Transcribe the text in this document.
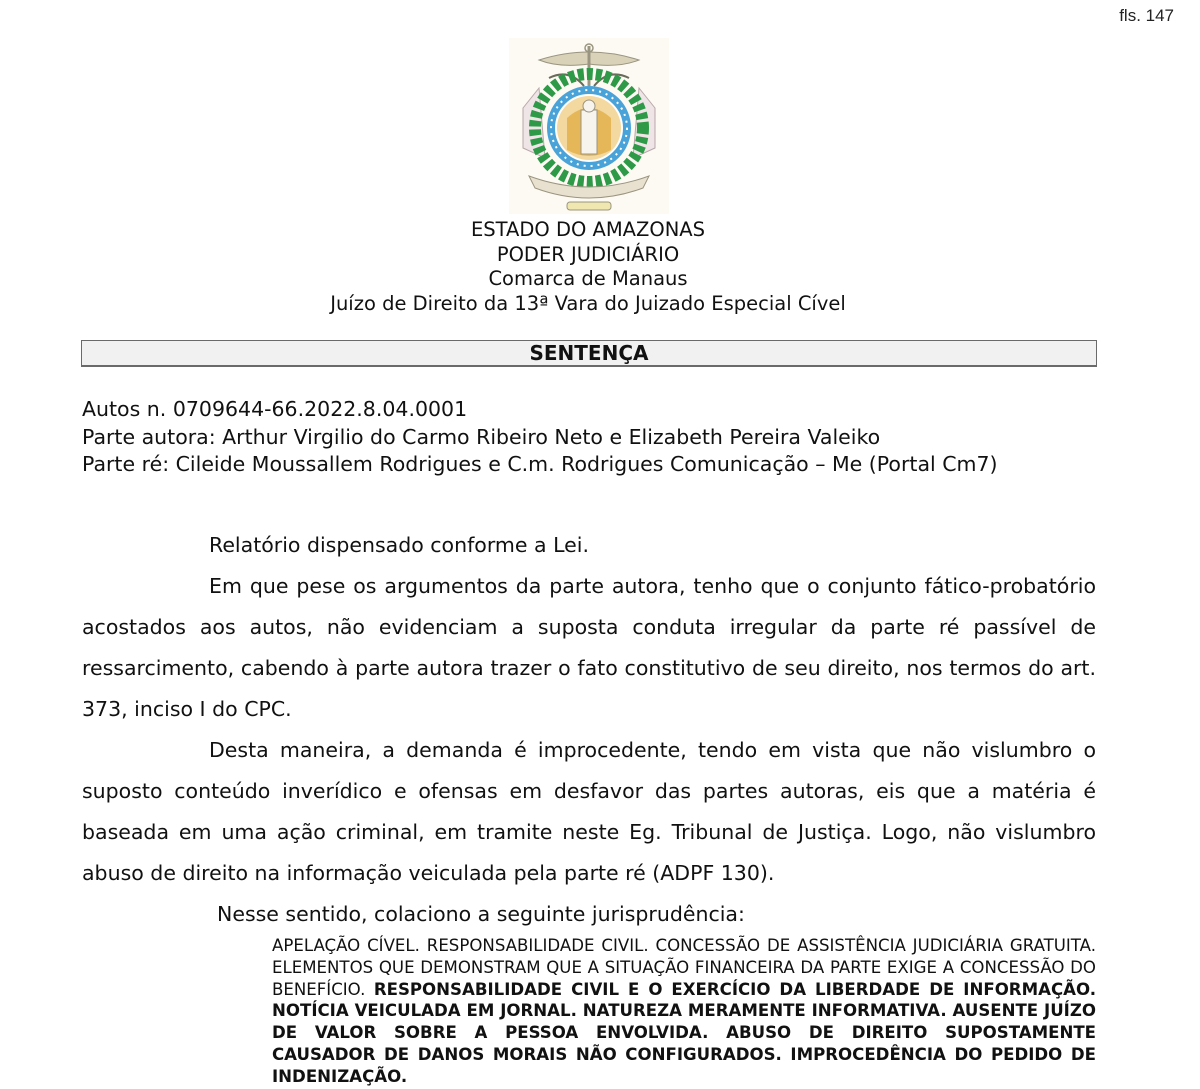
fls. 147
ESTADO DO AMAZONAS
PODER JUDICIÁRIO
Comarca de Manaus
Juízo de Direito da 13ª Vara do Juizado Especial Cível
SENTENÇA
Autos n. 0709644-66.2022.8.04.0001
Parte autora: Arthur Virgilio do Carmo Ribeiro Neto e Elizabeth Pereira Valeiko
Parte ré: Cileide Moussallem Rodrigues e C.m. Rodrigues Comunicação – Me (Portal Cm7)

Relatório dispensado conforme a Lei.

Em que pese os argumentos da parte autora, tenho que o conjunto fático-probatório acostados aos autos, não evidenciam a suposta conduta irregular da parte ré passível de ressarcimento, cabendo à parte autora trazer o fato constitutivo de seu direito, nos termos do art. 373, inciso I do CPC.

Desta maneira, a demanda é improcedente, tendo em vista que não vislumbro o suposto conteúdo inverídico e ofensas em desfavor das partes autoras, eis que a matéria é baseada em uma ação criminal, em tramite neste Eg. Tribunal de Justiça. Logo, não vislumbro abuso de direito na informação veiculada pela parte ré (ADPF 130).

Nesse sentido, colaciono a seguinte jurisprudência:
APELAÇÃO CÍVEL. RESPONSABILIDADE CIVIL. CONCESSÃO DE ASSISTÊNCIA JUDICIÁRIA GRATUITA. ELEMENTOS QUE DEMONSTRAM QUE A SITUAÇÃO FINANCEIRA DA PARTE EXIGE A CONCESSÃO DO BENEFÍCIO. RESPONSABILIDADE CIVIL E O EXERCÍCIO DA LIBERDADE DE INFORMAÇÃO. NOTÍCIA VEICULADA EM JORNAL. NATUREZA MERAMENTE INFORMATIVA. AUSENTE JUÍZO DE VALOR SOBRE A PESSOA ENVOLVIDA. ABUSO DE DIREITO SUPOSTAMENTE CAUSADOR DE DANOS MORAIS NÃO CONFIGURADOS. IMPROCEDÊNCIA DO PEDIDO DE INDENIZAÇÃO.
